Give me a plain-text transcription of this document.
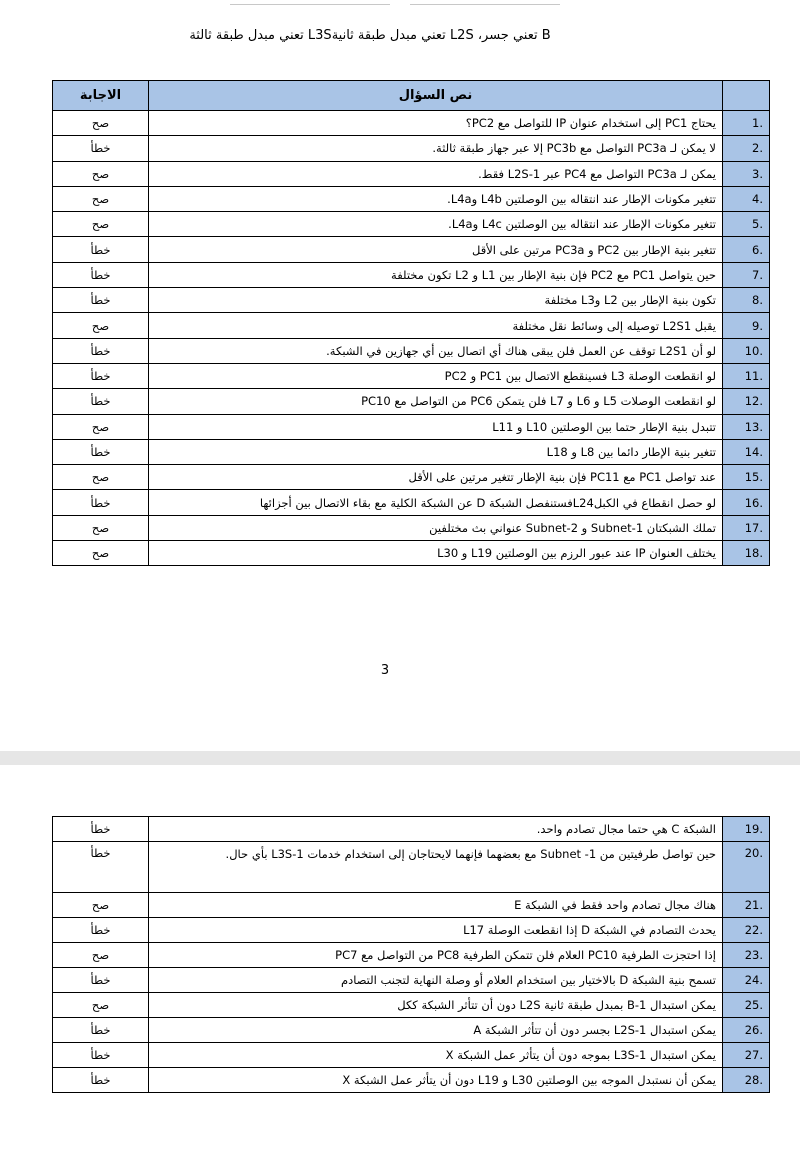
B تعني جسر، L2S تعني مبدل طبقة ثانيةL3S تعني مبدل طبقة ثالثة
	نص السؤال	الاجابة
.1	يحتاج PC1 إلى استخدام عنوان IP للتواصل مع PC2؟	صح
.2	لا يمكن لـ PC3a التواصل مع PC3b إلا عبر جهاز طبقة ثالثة.	خطأ
.3	يمكن لـ PC3a التواصل مع PC4 عبر L2S-1 فقط.	صح
.4	تتغير مكونات الإطار عند انتقاله بين الوصلتين L4b وL4a.	صح
.5	تتغير مكونات الإطار عند انتقاله بين الوصلتين L4c وL4a.	صح
.6	تتغير بنية الإطار بين PC2 و PC3a مرتين على الأقل	خطأ
.7	حين يتواصل PC1 مع PC2 فإن بنية الإطار بين L1 و L2 تكون مختلفة	خطأ
.8	تكون بنية الإطار بين L2 وL3 مختلفة	خطأ
.9	يقبل L2S1 توصيله إلى وسائط نقل مختلفة	صح
.10	لو أن L2S1 توقف عن العمل فلن يبقى هناك أي اتصال بين أي جهازين في الشبكة.	خطأ
.11	لو انقطعت الوصلة L3 فسينقطع الاتصال بين PC1 و PC2	خطأ
.12	لو انقطعت الوصلات L5 و L6 و L7 فلن يتمكن PC6 من التواصل مع PC10	خطأ
.13	تتبدل بنية الإطار حتما بين الوصلتين L10 و L11	صح
.14	تتغير بنية الإطار دائما بين L8 و L18	خطأ
.15	عند تواصل PC1 مع PC11 فإن بنية الإطار تتغير مرتين على الأقل	صح
.16	لو حصل انقطاع في الكبلL24فستنفصل الشبكة D عن الشبكة الكلية مع بقاء الاتصال بين أجزائها	خطأ
.17	تملك الشبكتان Subnet-1 و Subnet-2 عنواني بث مختلفين	صح
.18	يختلف العنوان IP عند عبور الرزم بين الوصلتين L19 و L30	صح
3
.19	الشبكة C هي حتما مجال تصادم واحد.	خطأ
.20	حين تواصل طرفيتين من Subnet -1 مع بعضهما فإنهما لايحتاجان إلى استخدام خدمات L3S-1 بأي حال.	خطأ
.21	هناك مجال تصادم واحد فقط في الشبكة E	صح
.22	يحدث التصادم في الشبكة D إذا انقطعت الوصلة L17	خطأ
.23	إذا احتجزت الطرفية PC10 العلام فلن تتمكن الطرفية PC8 من التواصل مع PC7	صح
.24	تسمح بنية الشبكة D بالاختيار بين استخدام العلام أو وصلة النهاية لتجنب التصادم	خطأ
.25	يمكن استبدال B-1 بمبدل طبقة ثانية L2S دون أن تتأثر الشبكة ككل	صح
.26	يمكن استبدال L2S-1 بجسر دون أن تتأثر الشبكة A	خطأ
.27	يمكن استبدال L3S-1 بموجه دون أن يتأثر عمل الشبكة X	خطأ
.28	يمكن أن نستبدل الموجه بين الوصلتين L30 و L19 دون أن يتأثر عمل الشبكة X	خطأ
